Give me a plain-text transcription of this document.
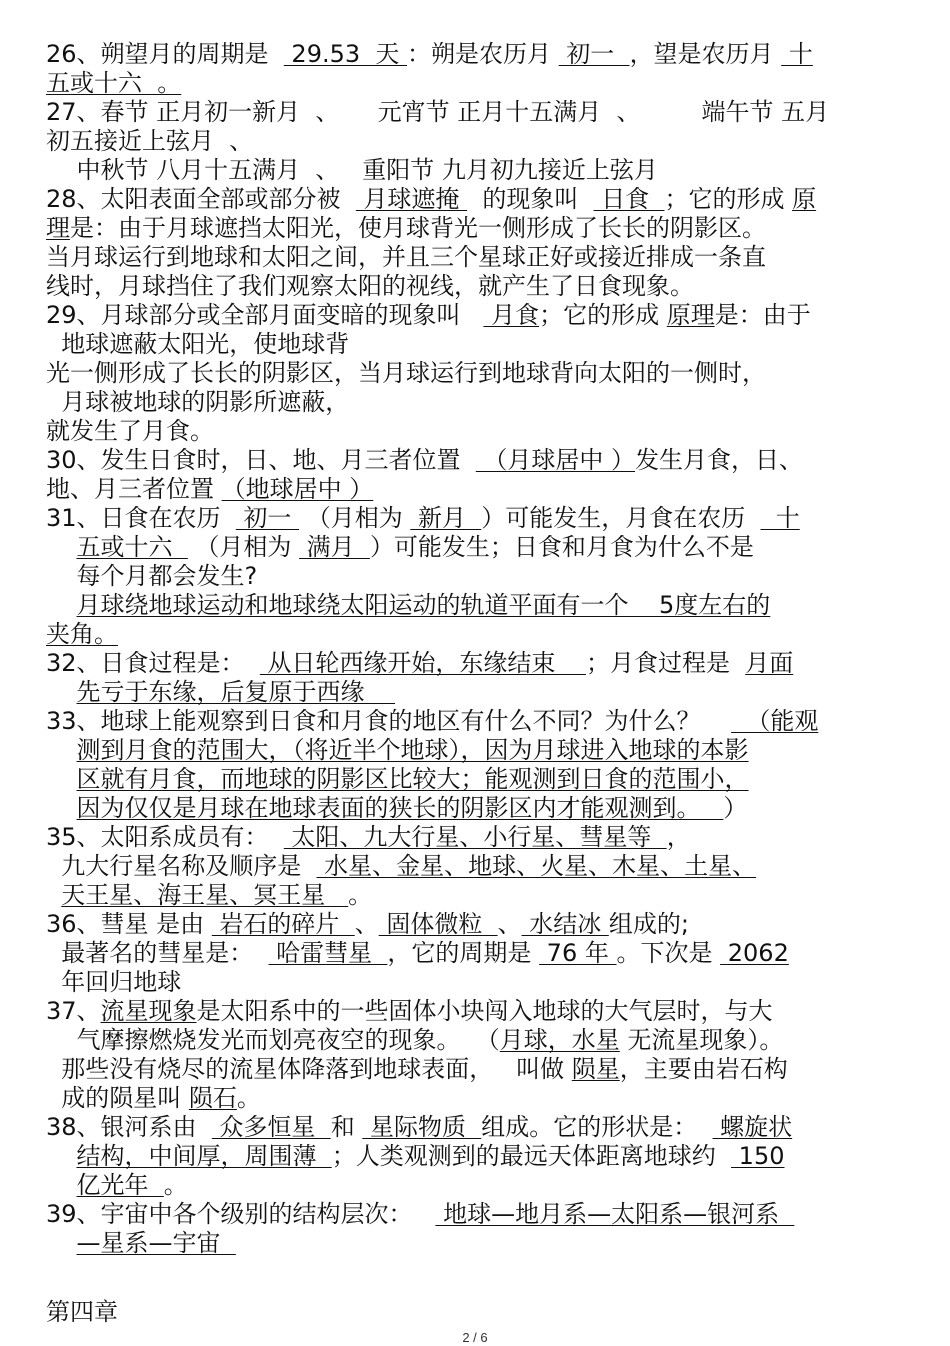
26、朔望月的周期是   29.53  天 ：朔是农历月  初一  ，望是农历月  十
五或十六  。
27、春节 正月初一新月  、     元宵节 正月十五满月  、        端午节 五月
初五接近上弦月  、
中秋节 八月十五满月  、   重阳节 九月初九接近上弦月
28、太阳表面全部或部分被   月球遮掩   的现象叫   日食  ；它的形成 原
理是：由于月球遮挡太阳光，使月球背光一侧形成了长长的阴影区。
当月球运行到地球和太阳之间，并且三个星球正好或接近排成一条直
线时，月球挡住了我们观察太阳的视线，就产生了日食现象。
29、月球部分或全部月面变暗的现象叫    月食；它的形成 原理是：由于
地球遮蔽太阳光，使地球背
光一侧形成了长长的阴影区，当月球运行到地球背向太阳的一侧时，
月球被地球的阴影所遮蔽，
就发生了月食。
30、发生日食时，日、地、月三者位置   （月球居中 ）发生月食，日、
地、月三者位置 （地球居中 ）
31、日食在农历   初一  （月相为  新月  ）可能发生，月食在农历    十
五或十六   （月相为  满月  ）可能发生；日食和月食为什么不是
每个月都会发生?
月球绕地球运动和地球绕太阳运动的轨道平面有一个    5度左右的
夹角。
32、日食过程是：   从日轮西缘开始，东缘结束    ；月食过程是  月面
先亏于东缘，后复原于西缘
33、地球上能观察到日食和月食的地区有什么不同？为什么？      （能观
测到月食的范围大，（将近半个地球），因为月球进入地球的本影
区就有月食，而地球的阴影区比较大；能观测到日食的范围小，
因为仅仅是月球在地球表面的狭长的阴影区内才能观测到。   ）
35、太阳系成员有：   太阳、九大行星、小行星、彗星等  ，
九大行星名称及顺序是   水星、金星、地球、火星、木星、土星、
天王星、海王星、冥王星   。
36、彗星 是由  岩石的碎片  、 固体微粒  、 水结冰 组成的;
最著名的彗星是：   哈雷彗星  ，它的周期是  76 年 。下次是  2062
年回归地球
37、流星现象是太阳系中的一些固体小块闯入地球的大气层时，与大
气摩擦燃烧发光而划亮夜空的现象。  （月球，水星 无流星现象）。
那些没有烧尽的流星体降落到地球表面，   叫做 陨星，主要由岩石构
成的陨星叫 陨石。
38、银河系由   众多恒星  和  星际物质  组成。它的形状是：   螺旋状
结构，中间厚，周围薄  ；人类观测到的最远天体距离地球约   150
亿光年  。
39、宇宙中各个级别的结构层次：    地球—地月系—太阳系—银河系
—星系—宇宙
第四章
2 / 6
